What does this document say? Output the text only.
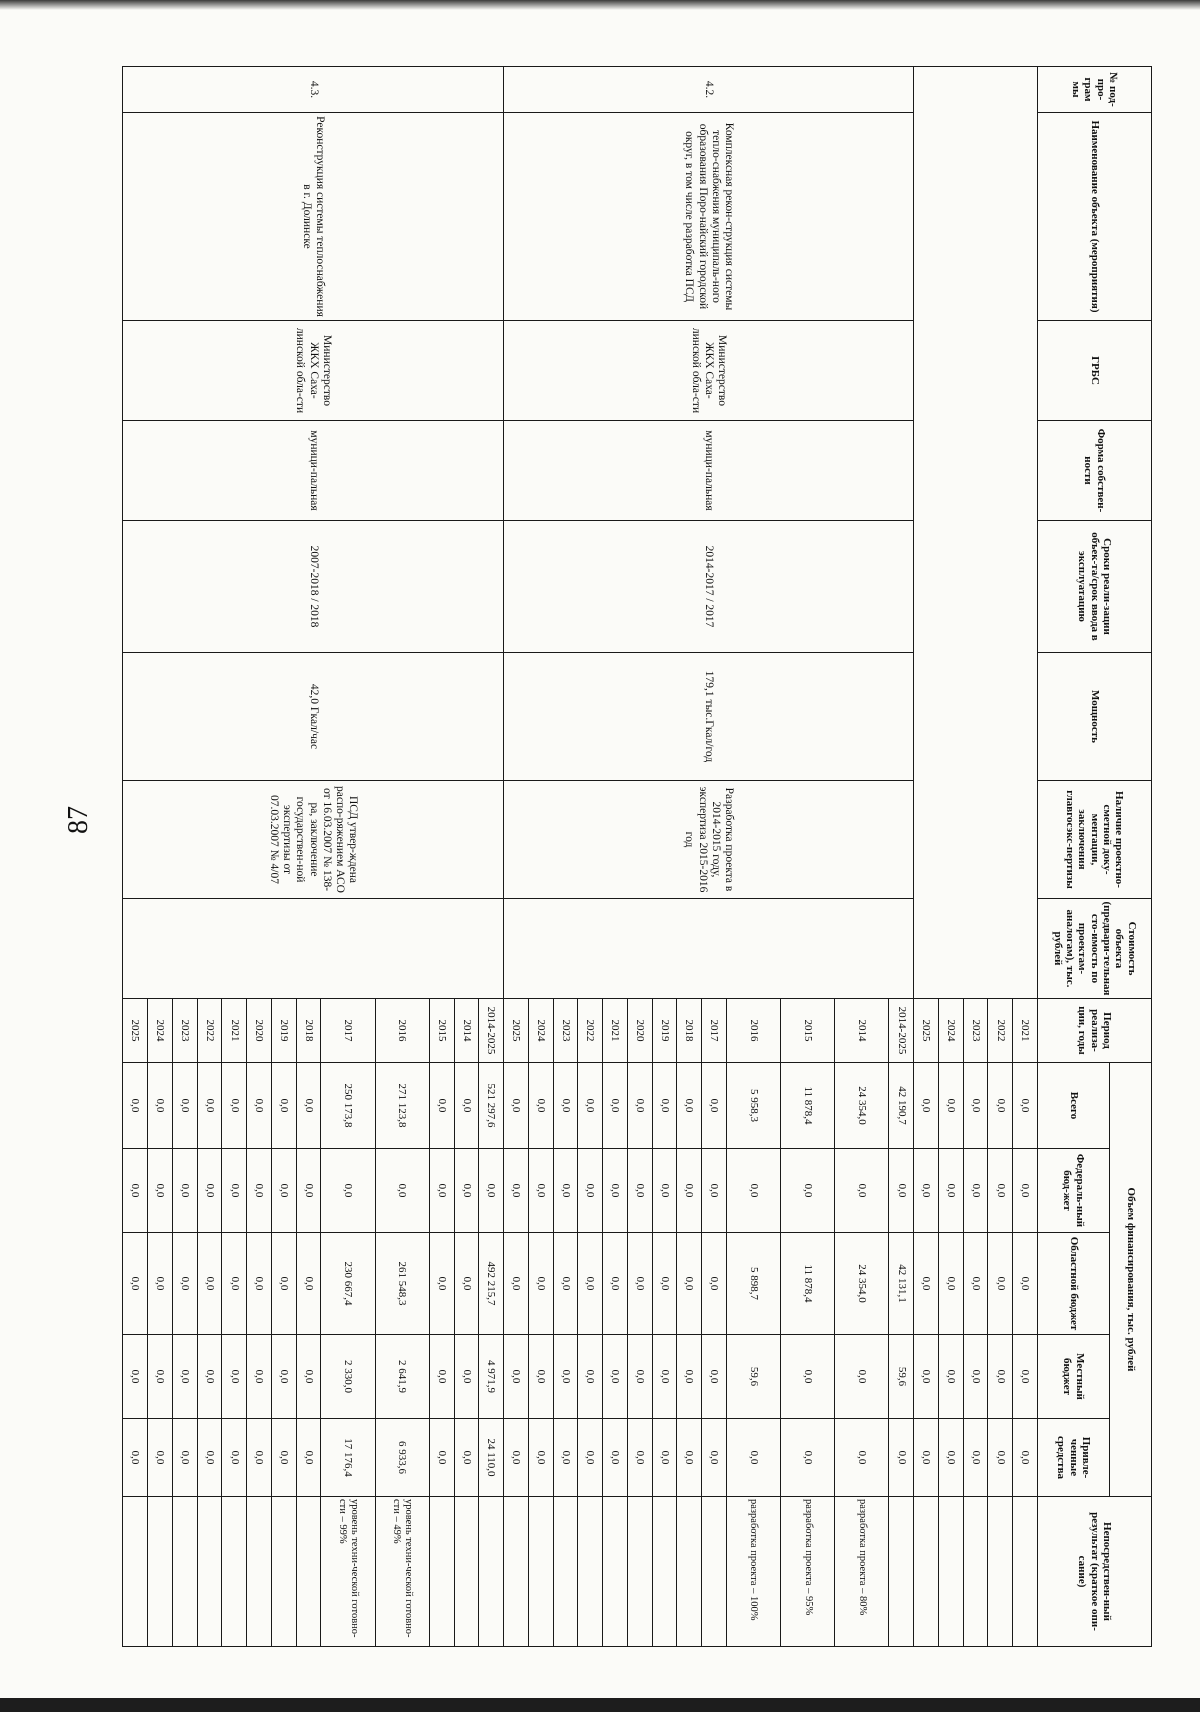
87
№ под-про-грам мы	Наименование объекта (мероприятия)	ГРБС	Форма собствен-ности	Сроки реали-зации объек-та/срок ввода в эксплуатацию	Мощность	Наличие проектно-сметной доку-ментации, заключения главгосэкс-пертизы	Стоимость объекта (предвари-тельная сто-имость по проектам-аналогам), тыс. рублей	Период реализа-ции, годы	Объем финансирования, тыс. рублей					Непосредствен-ный результат (краткое опи-сание)
									Всего	Федераль-ный бюд-жет	Областной бюджет	Местный бюджет	Привле-ченные средства	
								2021	0,0	0,0	0,0	0,0	0,0	
								2022	0,0	0,0	0,0	0,0	0,0	
								2023	0,0	0,0	0,0	0,0	0,0	
								2024	0,0	0,0	0,0	0,0	0,0	
								2025	0,0	0,0	0,0	0,0	0,0	
4.2.	Комплексная рекон-струкция системы тепло-снабжения муниципаль-ного образования Поро-найский городской округ, в том числе разработка ПСД	Министерство ЖКХ Саха-линской обла-сти	муници-пальная	2014-2017 / 2017	179,1 тыс.Гкал/год	Разработка проекта в 2014-2015 году, экспертиза 2015-2016 год		2014-2025	42 190,7	0,0	42 131,1	59,6	0,0	
								2014	24 354,0	0,0	24 354,0	0,0	0,0	разработка проекта – 80%
								2015	11 878,4	0,0	11 878,4	0,0	0,0	разработка проекта – 95%
								2016	5 958,3	0,0	5 898,7	59,6	0,0	разработка проекта – 100%
								2017	0,0	0,0	0,0	0,0	0,0	
								2018	0,0	0,0	0,0	0,0	0,0	
								2019	0,0	0,0	0,0	0,0	0,0	
								2020	0,0	0,0	0,0	0,0	0,0	
								2021	0,0	0,0	0,0	0,0	0,0	
								2022	0,0	0,0	0,0	0,0	0,0	
								2023	0,0	0,0	0,0	0,0	0,0	
								2024	0,0	0,0	0,0	0,0	0,0	
								2025	0,0	0,0	0,0	0,0	0,0	
4.3.	Реконструкция системы теплоснабжения в г. Долинске	Министерство ЖКХ Саха-линской обла-сти	муници-пальная	2007-2018 / 2018	42,0 Гкал/час	ПСД утвер-ждена распо-ряжением АСО от 16.03.2007 № 138-ра, заключение государствен-ной экспертизы от 07.03.2007 № 4/07		2014-2025	521 297,6	0,0	492 215,7	4 971,9	24 110,0	
								2014	0,0	0,0	0,0	0,0	0,0	
								2015	0,0	0,0	0,0	0,0	0,0	
								2016	271 123,8	0,0	261 548,3	2 641,9	6 933,6	уровень техни-ческой готовно-сти – 49%
								2017	250 173,8	0,0	230 667,4	2 330,0	17 176,4	уровень техни-ческой готовно-сти – 99%
								2018	0,0	0,0	0,0	0,0	0,0	
								2019	0,0	0,0	0,0	0,0	0,0	
								2020	0,0	0,0	0,0	0,0	0,0	
								2021	0,0	0,0	0,0	0,0	0,0	
								2022	0,0	0,0	0,0	0,0	0,0	
								2023	0,0	0,0	0,0	0,0	0,0	
								2024	0,0	0,0	0,0	0,0	0,0	
								2025	0,0	0,0	0,0	0,0	0,0	
